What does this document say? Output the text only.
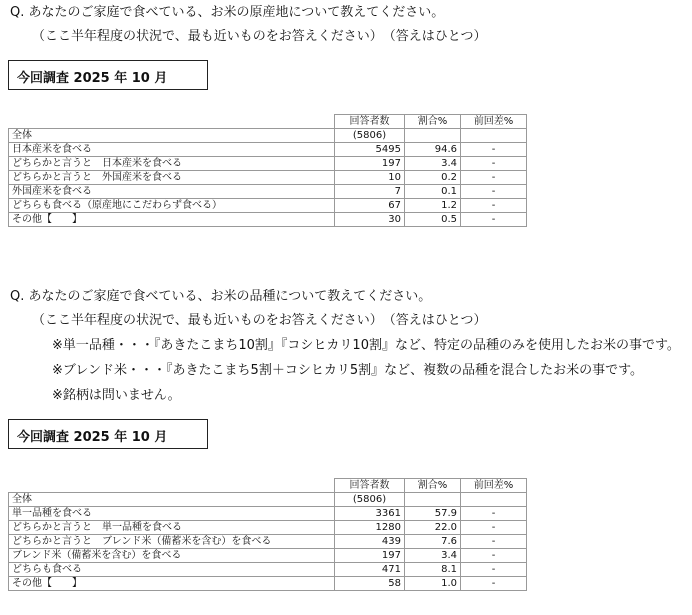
Q. あなたのご家庭で食べている、お米の原産地について教えてください。
（ここ半年程度の状況で、最も近いものをお答えください）　（答えはひとつ）
今回調査 2025 年 10 月
	回答者数	割合%	前回差%
全体	(5806)		
日本産米を食べる	5495	94.6	-
どちらかと言うと　日本産米を食べる	197	3.4	-
どちらかと言うと　外国産米を食べる	10	0.2	-
外国産米を食べる	7	0.1	-
どちらも食べる（原産地にこだわらず食べる）	67	1.2	-
その他【　　】	30	0.5	-
Q. あなたのご家庭で食べている、お米の品種について教えてください。
（ここ半年程度の状況で、最も近いものをお答えください）　（答えはひとつ）
※単一品種・・・『あきたこまち10割』『コシヒカリ10割』など、特定の品種のみを使用したお米の事です。
※ブレンド米・・・『あきたこまち5割＋コシヒカリ5割』など、複数の品種を混合したお米の事です。
※銘柄は問いません。
今回調査 2025 年 10 月
	回答者数	割合%	前回差%
全体	(5806)		
単一品種を食べる	3361	57.9	-
どちらかと言うと　単一品種を食べる	1280	22.0	-
どちらかと言うと　ブレンド米（備蓄米を含む）を食べる	439	7.6	-
ブレンド米（備蓄米を含む）を食べる	197	3.4	-
どちらも食べる	471	8.1	-
その他【　　】	58	1.0	-
